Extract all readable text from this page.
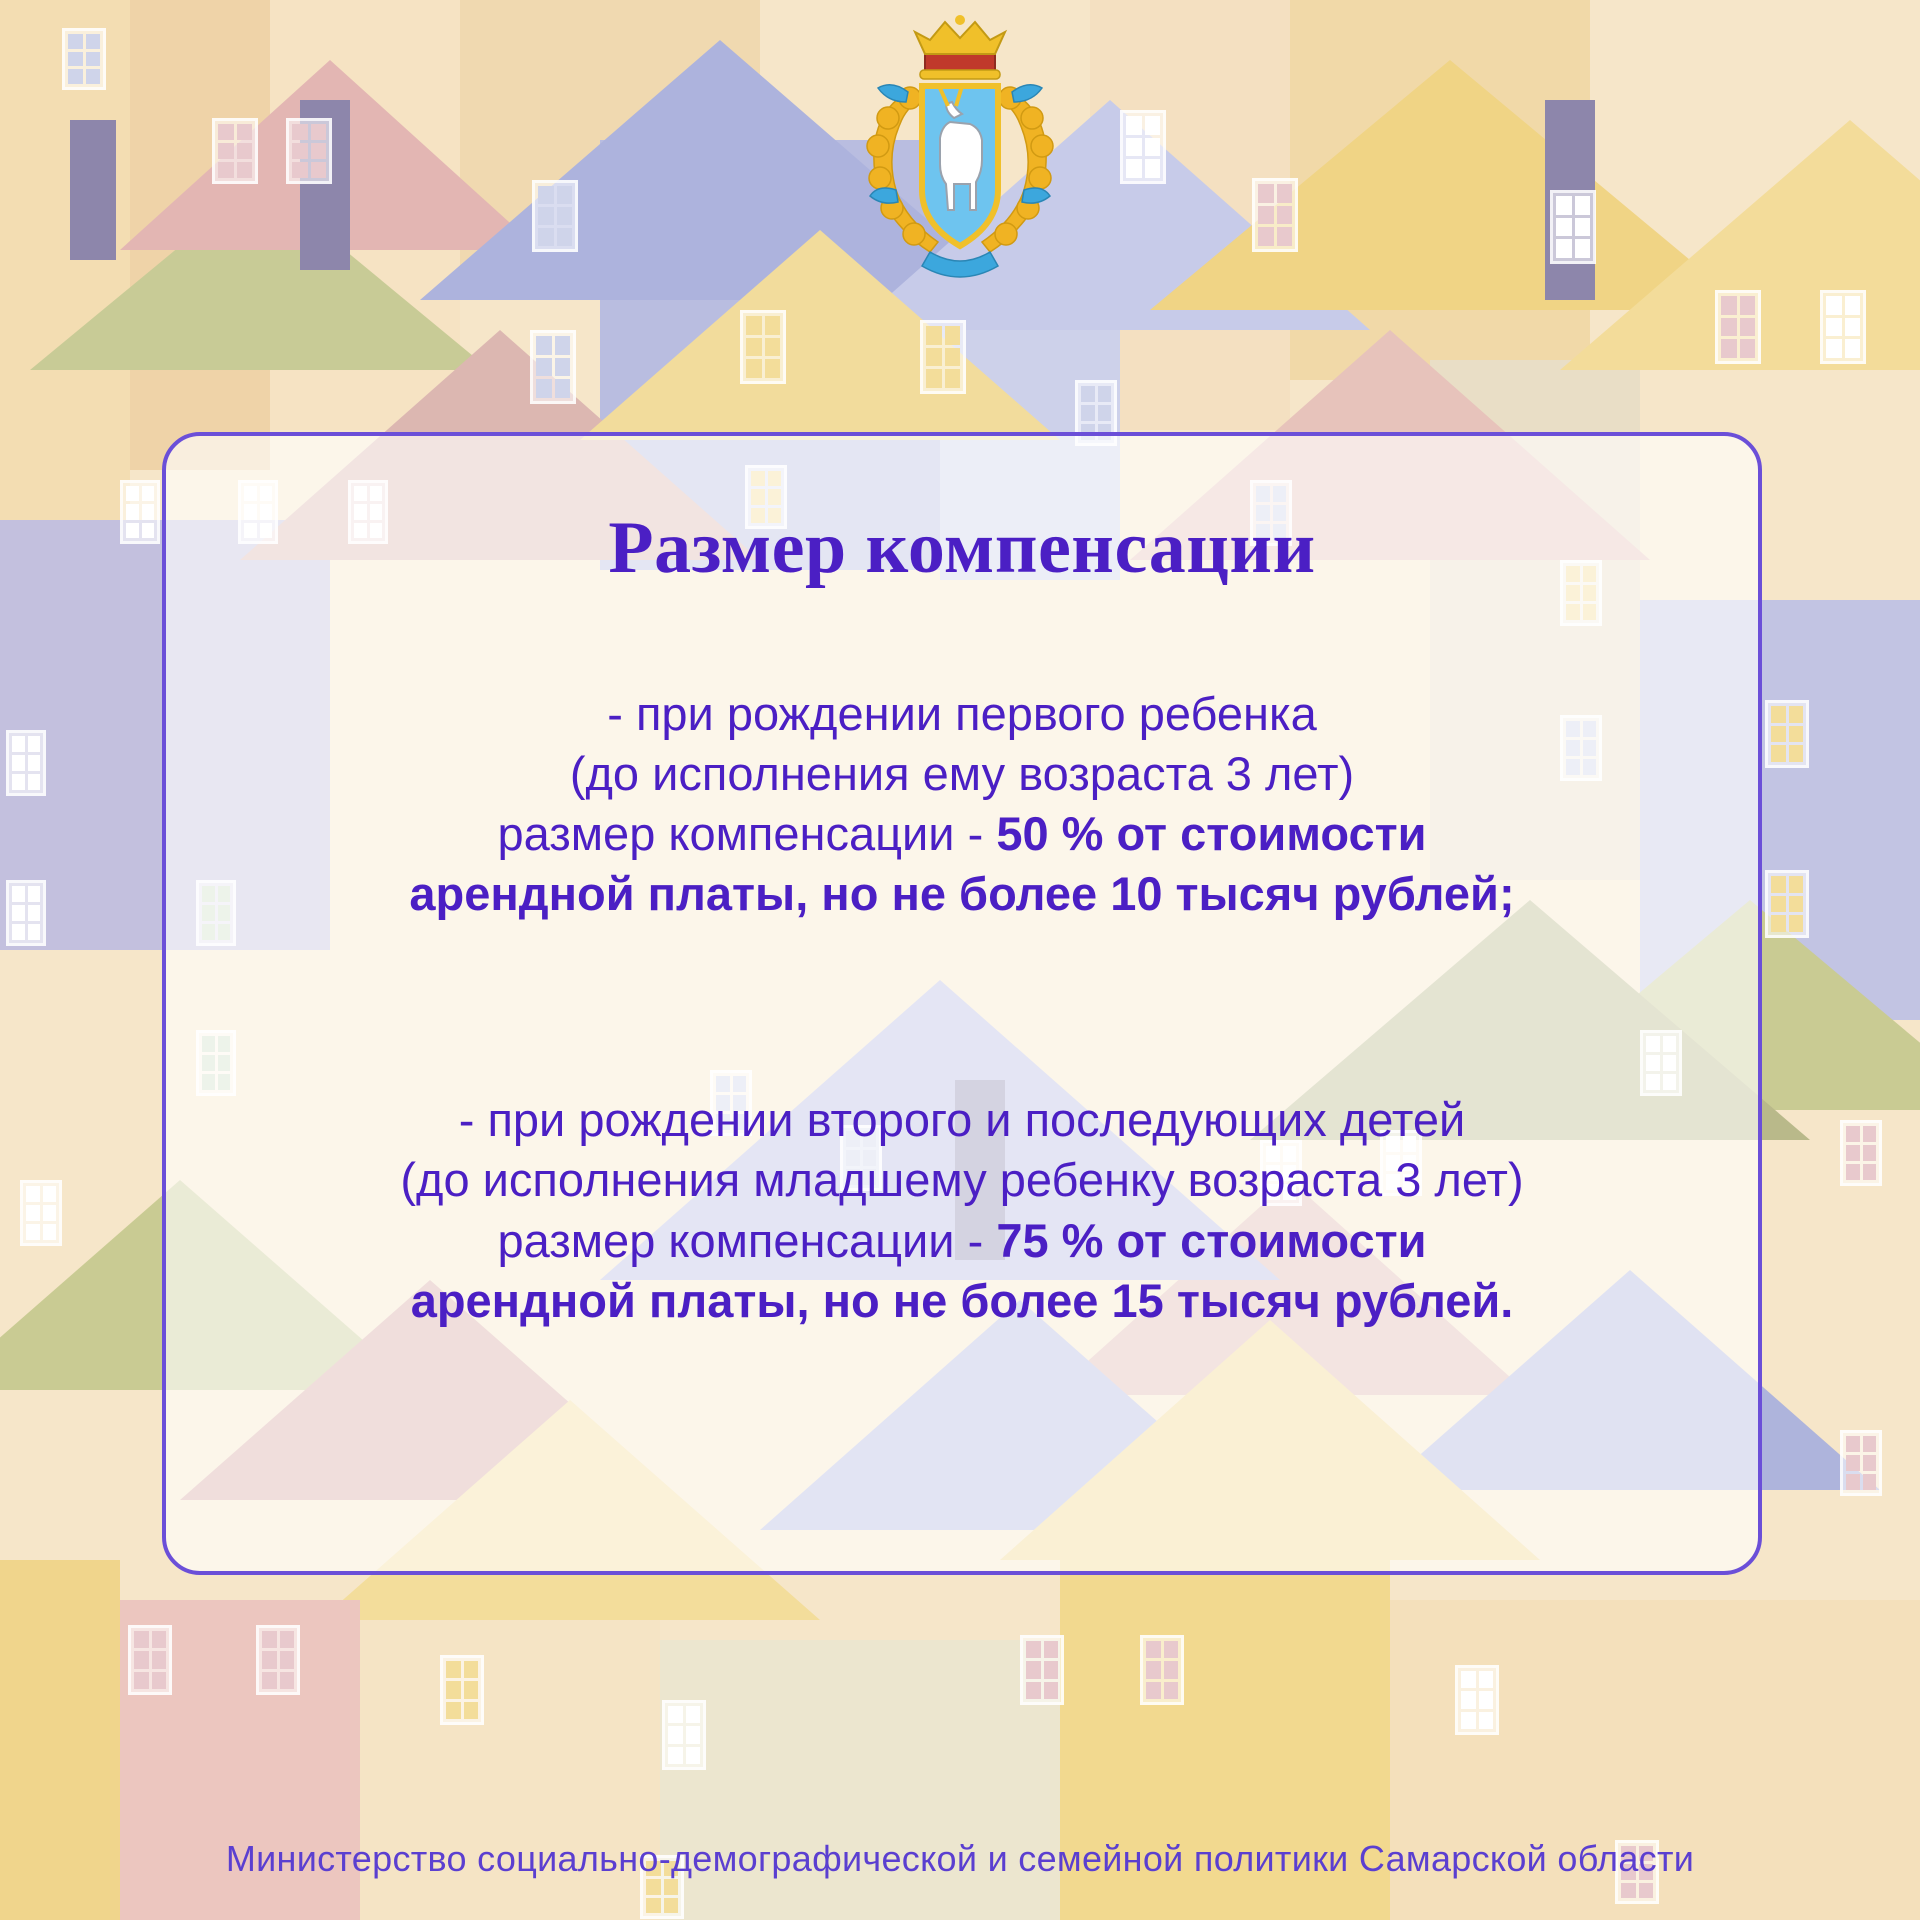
Размер компенсации

- при рождении первого ребенка
(до исполнения ему возраста 3 лет)
размер компенсации - 50 % от стоимости
арендной платы, но не более 10 тысяч рублей;

- при рождении второго и последующих детей
(до исполнения младшему ребенку возраста 3 лет)
размер компенсации - 75 % от стоимости
арендной платы, но не более 15 тысяч рублей.

Министерство социально-демографической и семейной политики Самарской области
